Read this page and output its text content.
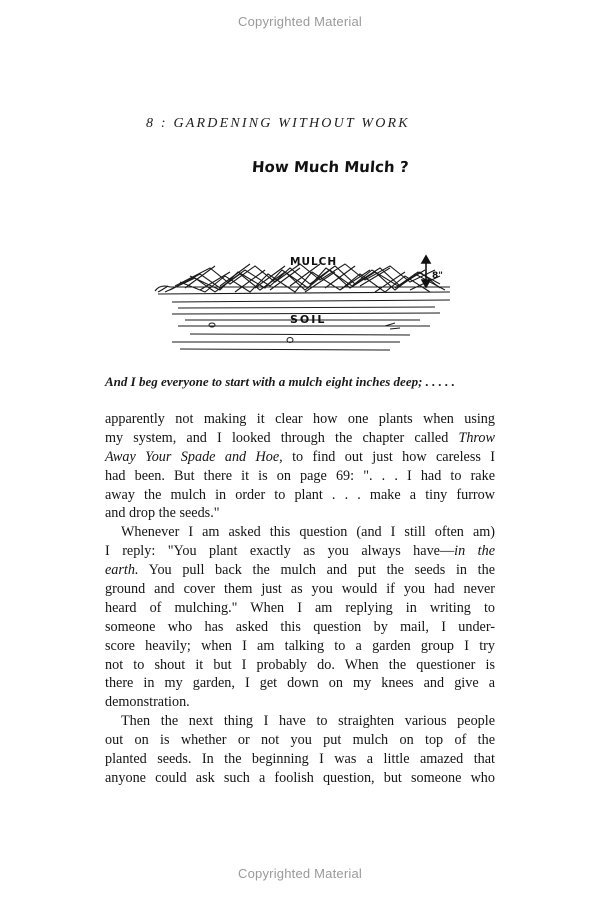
Copyrighted Material
8 : GARDENING WITHOUT WORK
How Much Mulch ?
MULCH
SOIL
8"
And I beg everyone to start with a mulch eight inches deep; . . . . .
apparently not making it clear how one plants when using
my system, and I looked through the chapter called Throw
Away Your Spade and Hoe, to find out just how careless I
had been. But there it is on page 69: ". . . I had to rake
away the mulch in order to plant . . . make a tiny furrow
and drop the seeds."
Whenever I am asked this question (and I still often am)
I reply: "You plant exactly as you always have—in the
earth. You pull back the mulch and put the seeds in the
ground and cover them just as you would if you had never
heard of mulching." When I am replying in writing to
someone who has asked this question by mail, I under-
score heavily; when I am talking to a garden group I try
not to shout it but I probably do. When the questioner is
there in my garden, I get down on my knees and give a
demonstration.
Then the next thing I have to straighten various people
out on is whether or not you put mulch on top of the
planted seeds. In the beginning I was a little amazed that
anyone could ask such a foolish question, but someone who
Copyrighted Material
